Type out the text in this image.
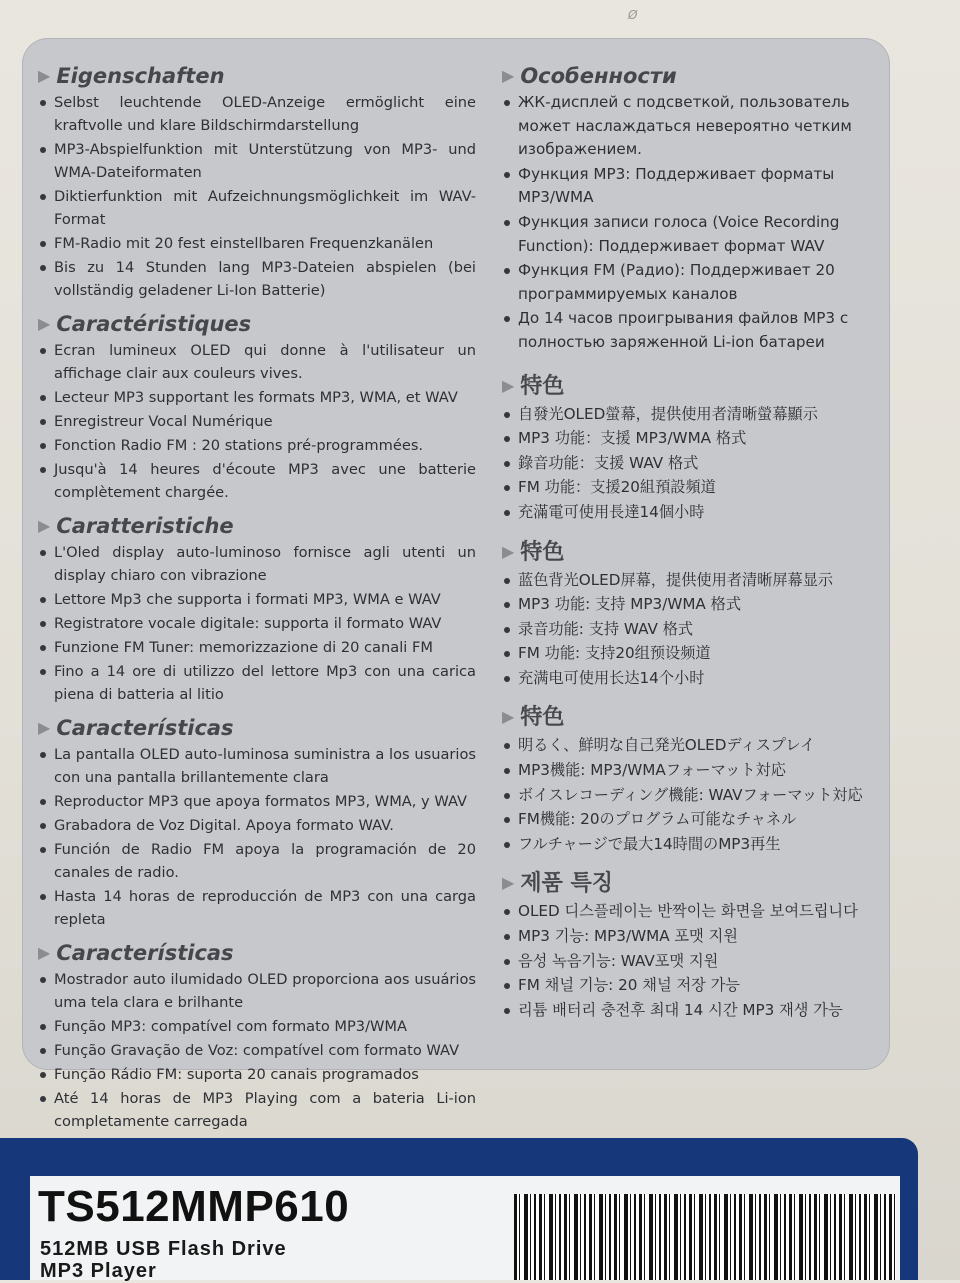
Ø
▶ Eigenschaften
Selbst leuchtende OLED-Anzeige ermöglicht eine kraftvolle und klare Bildschirmdarstellung
MP3-Abspielfunktion mit Unterstützung von MP3- und WMA-Dateiformaten
Diktierfunktion mit Aufzeichnungsmöglichkeit im WAV-Format
FM-Radio mit 20 fest einstellbaren Frequenzkanälen
Bis zu 14 Stunden lang MP3-Dateien abspielen (bei vollständig geladener Li-Ion Batterie)
▶ Caractéristiques
Ecran lumineux OLED qui donne à l'utilisateur un affichage clair aux couleurs vives.
Lecteur MP3 supportant les formats MP3, WMA, et WAV
Enregistreur Vocal Numérique
Fonction Radio FM : 20 stations pré-programmées.
Jusqu'à 14 heures d'écoute MP3 avec une batterie complètement chargée.
▶ Caratteristiche
L'Oled display auto-luminoso fornisce agli utenti un display chiaro con vibrazione
Lettore Mp3 che supporta i formati MP3, WMA e WAV
Registratore vocale digitale: supporta il formato WAV
Funzione FM Tuner: memorizzazione di 20 canali FM
Fino a 14 ore di utilizzo del lettore Mp3 con una carica piena di batteria al litio
▶ Características
La pantalla OLED auto-luminosa suministra a los usuarios con una pantalla brillantemente clara
Reproductor MP3 que apoya formatos MP3, WMA, y WAV
Grabadora de Voz Digital. Apoya formato WAV.
Función de Radio FM apoya la programación de 20 canales de radio.
Hasta 14 horas de reproducción de MP3 con una carga repleta
▶ Características
Mostrador auto ilumidado OLED proporciona aos usuários uma tela clara e brilhante
Função MP3: compatível com formato MP3/WMA
Função Gravação de Voz: compatível com formato WAV
Função Rádio FM: suporta 20 canais programados
Até 14 horas de MP3 Playing com a bateria Li-ion completamente carregada
▶ Особенности
ЖК-дисплей с подсветкой, пользователь может наслаждаться невероятно четким изображением.
Функция MP3: Поддерживает форматы MP3/WMA
Функция записи голоса (Voice Recording Function): Поддерживает формат WAV
Функция FM (Радио): Поддерживает 20 программируемых каналов
До 14 часов проигрывания файлов MP3 с полностью заряженной Li-ion батареи
▶ 特色
自發光OLED螢幕，提供使用者清晰螢幕顯示
MP3 功能：支援 MP3/WMA 格式
錄音功能：支援 WAV 格式
FM 功能：支援20組預設頻道
充滿電可使用長達14個小時
▶ 特色
蓝色背光OLED屏幕，提供使用者清晰屏幕显示
MP3 功能: 支持 MP3/WMA 格式
录音功能: 支持 WAV 格式
FM 功能: 支持20组预设频道
充满电可使用长达14个小时
▶ 特色
明るく、鮮明な自己発光OLEDディスプレイ
MP3機能: MP3/WMAフォーマット対応
ボイスレコーディング機能: WAVフォーマット対応
FM機能: 20のプログラム可能なチャネル
フルチャージで最大14時間のMP3再生
▶ 제품 특징
OLED 디스플레이는 반짝이는 화면을 보여드립니다
MP3 기능: MP3/WMA 포맷 지원
음성 녹음기능: WAV포맷 지원
FM 채널 기능: 20 채널 저장 가능
리튬 배터리 충전후 최대 14 시간 MP3 재생 가능
TS512MMP610
512MB USB Flash Drive
MP3 Player
